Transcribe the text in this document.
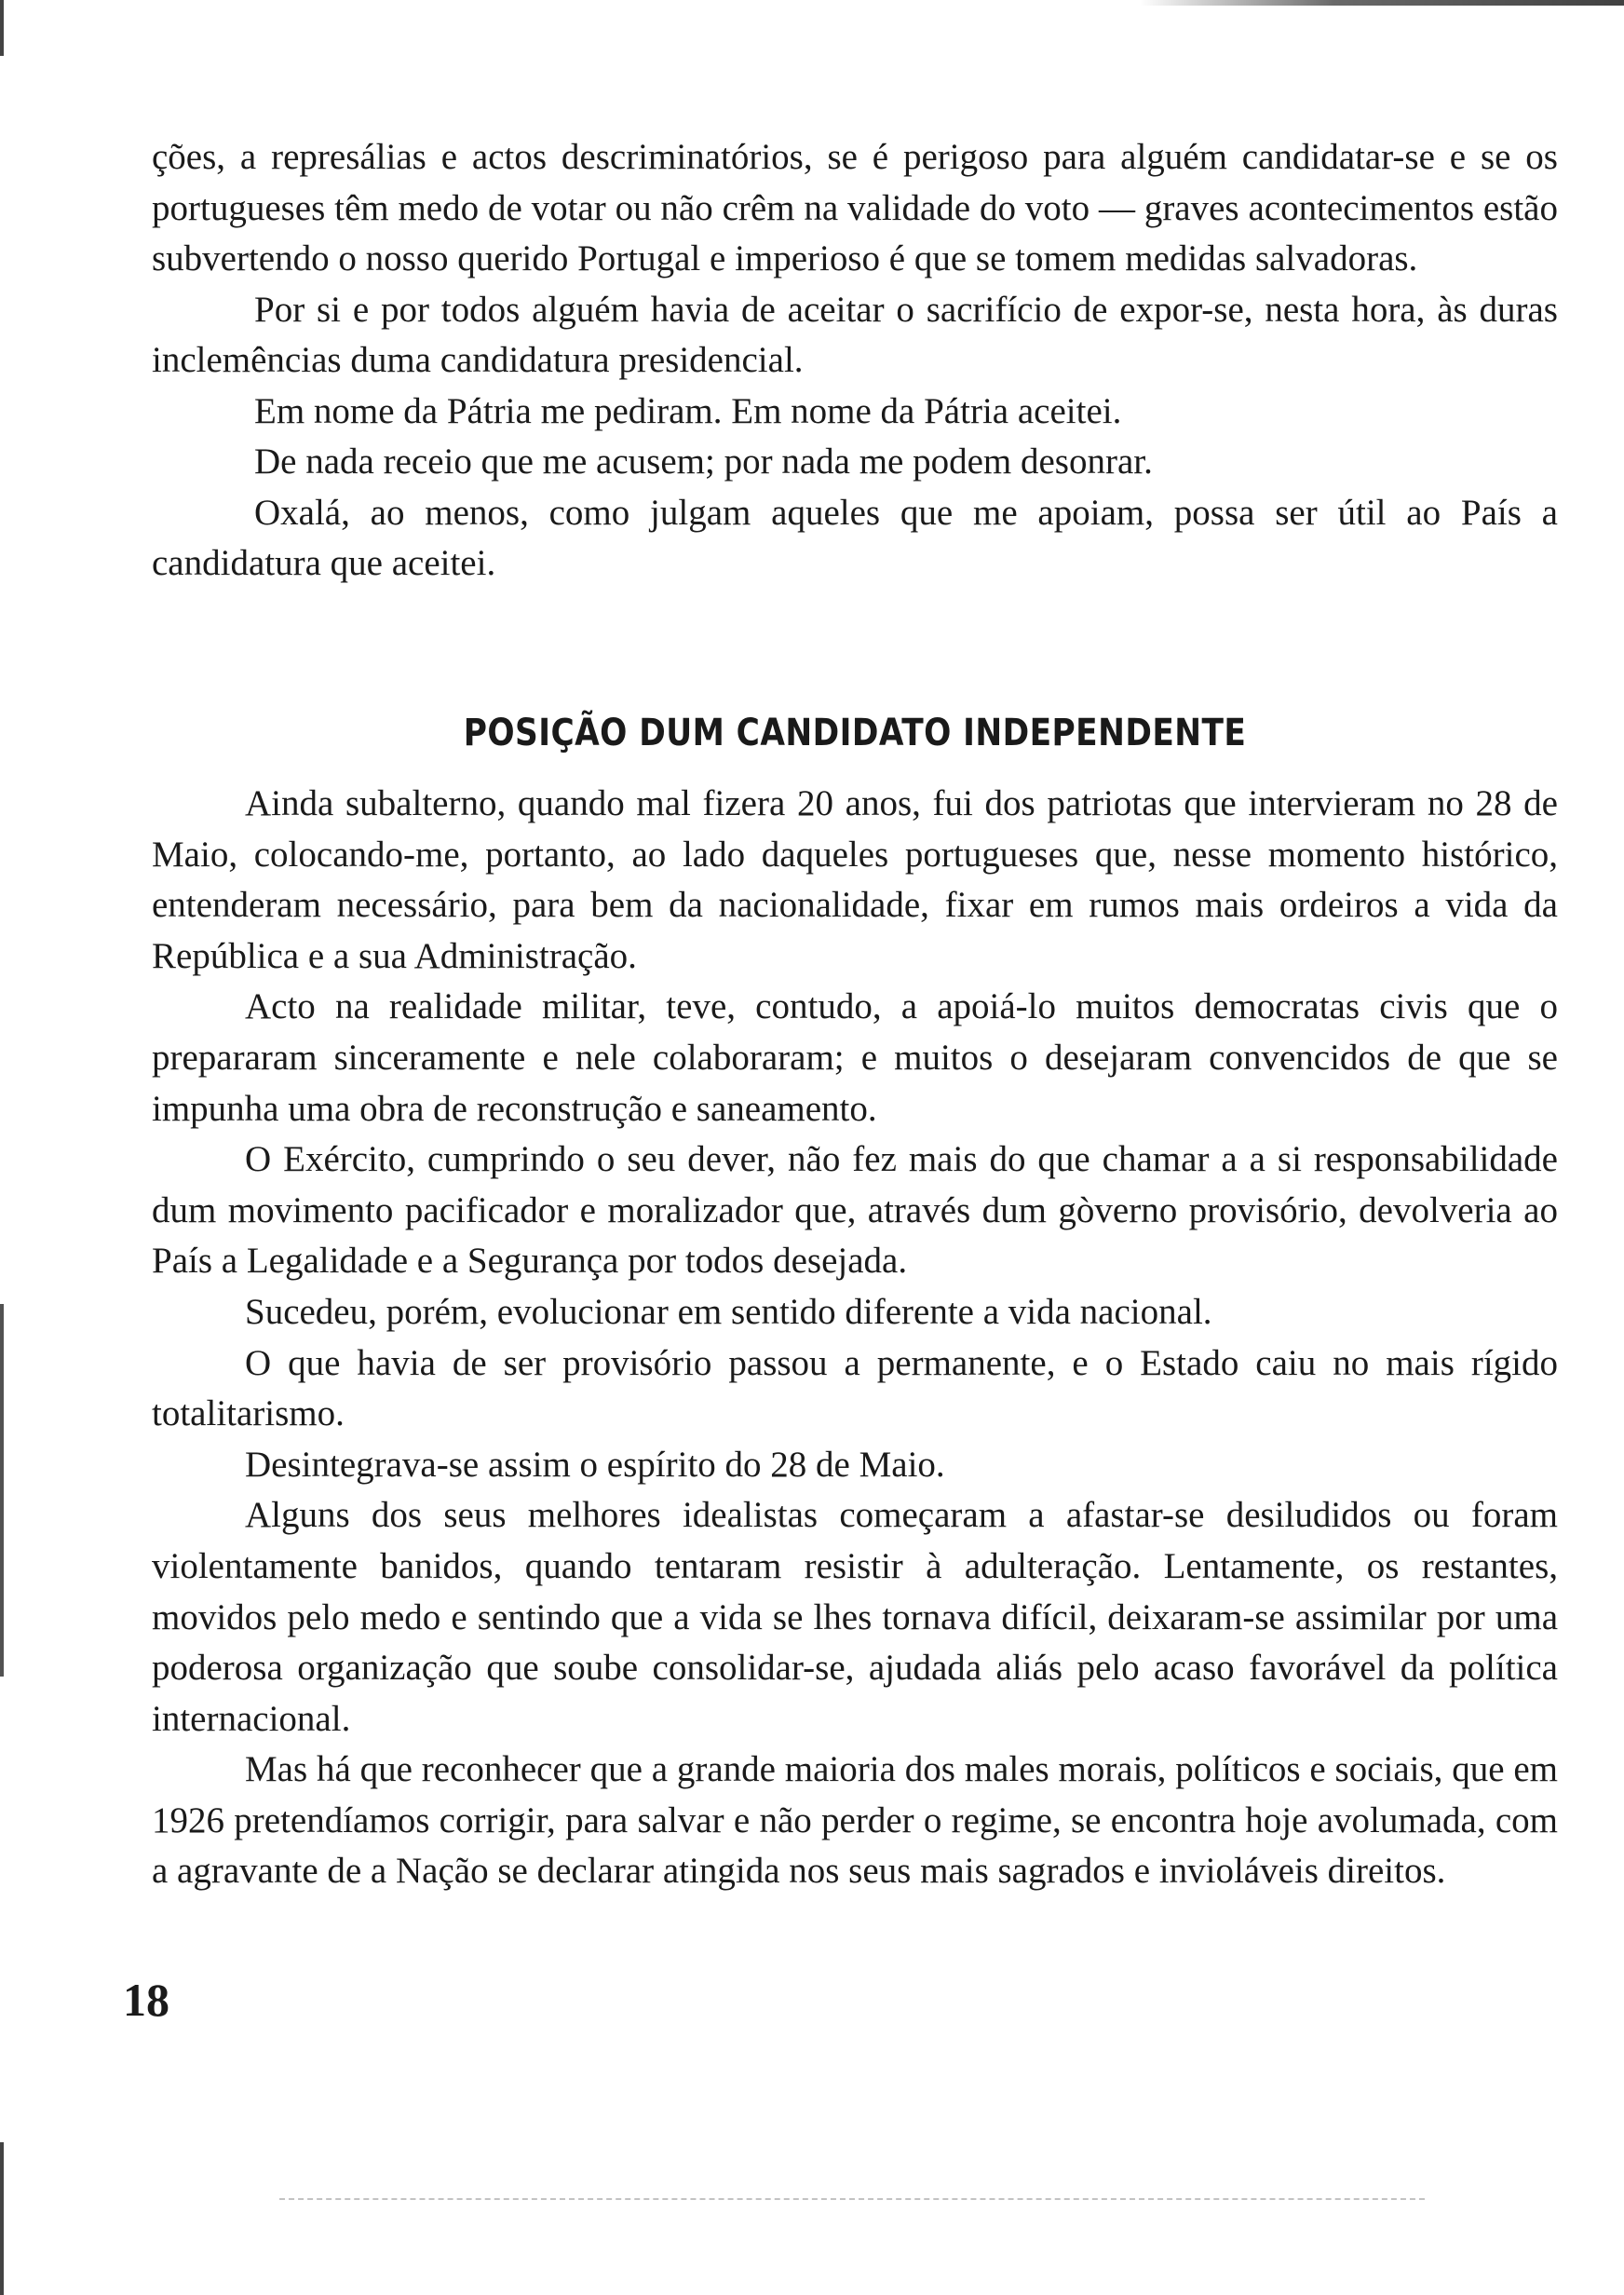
ções, a represálias e actos descriminatórios, se é perigoso para alguém candidatar-se e se os portugueses têm medo de votar ou não crêm na validade do voto — graves acontecimentos estão subvertendo o nosso querido Portugal e imperioso é que se tomem medidas salvadoras.

Por si e por todos alguém havia de aceitar o sacrifício de expor-se, nesta hora, às duras inclemências duma candidatura presidencial.

Em nome da Pátria me pediram. Em nome da Pátria aceitei.

De nada receio que me acusem; por nada me podem desonrar.

Oxalá, ao menos, como julgam aqueles que me apoiam, possa ser útil ao País a candidatura que aceitei.

POSIÇÃO DUM CANDIDATO INDEPENDENTE

Ainda subalterno, quando mal fizera 20 anos, fui dos patriotas que intervieram no 28 de Maio, colocando-me, portanto, ao lado daqueles portugueses que, nesse momento histórico, entenderam necessário, para bem da nacionalidade, fixar em rumos mais ordeiros a vida da República e a sua Administração.

Acto na realidade militar, teve, contudo, a apoiá-lo muitos democratas civis que o prepararam sinceramente e nele colaboraram; e muitos o desejaram convencidos de que se impunha uma obra de reconstrução e saneamento.

O Exército, cumprindo o seu dever, não fez mais do que chamar a a si responsabilidade dum movimento pacificador e moralizador que, através dum gòverno provisório, devolveria ao País a Legalidade e a Segurança por todos desejada.

Sucedeu, porém, evolucionar em sentido diferente a vida nacional.

O que havia de ser provisório passou a permanente, e o Estado caiu no mais rígido totalitarismo.

Desintegrava-se assim o espírito do 28 de Maio.

Alguns dos seus melhores idealistas começaram a afastar-se desiludidos ou foram violentamente banidos, quando tentaram resistir à adulteração. Lentamente, os restantes, movidos pelo medo e sentindo que a vida se lhes tornava difícil, deixaram-se assimilar por uma poderosa organização que soube consolidar-se, ajudada aliás pelo acaso favorável da política internacional.

Mas há que reconhecer que a grande maioria dos males morais, políticos e sociais, que em 1926 pretendíamos corrigir, para salvar e não perder o regime, se encontra hoje avolumada, com a agravante de a Nação se declarar atingida nos seus mais sagrados e invioláveis direitos.

18
